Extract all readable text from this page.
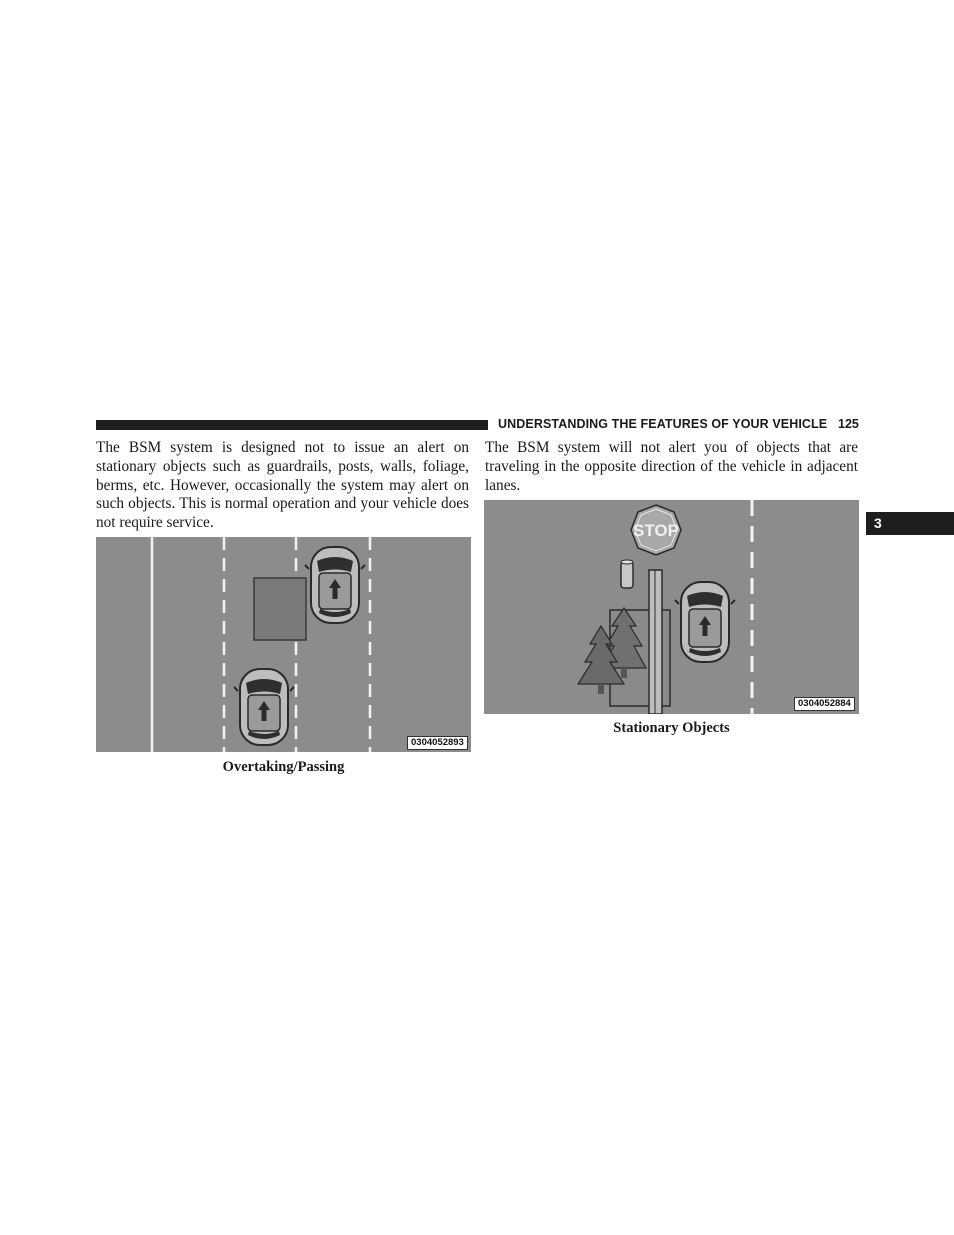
UNDERSTANDING THE FEATURES OF YOUR VEHICLE 125
3

The BSM system is designed not to issue an alert on stationary objects such as guardrails, posts, walls, foliage, berms, etc. However, occasionally the system may alert on such objects. This is normal operation and your vehicle does not require service.

0304052893
Overtaking/Passing

The BSM system will not alert you of objects that are traveling in the opposite direction of the vehicle in adjacent lanes.

STOP
0304052884
Stationary Objects
